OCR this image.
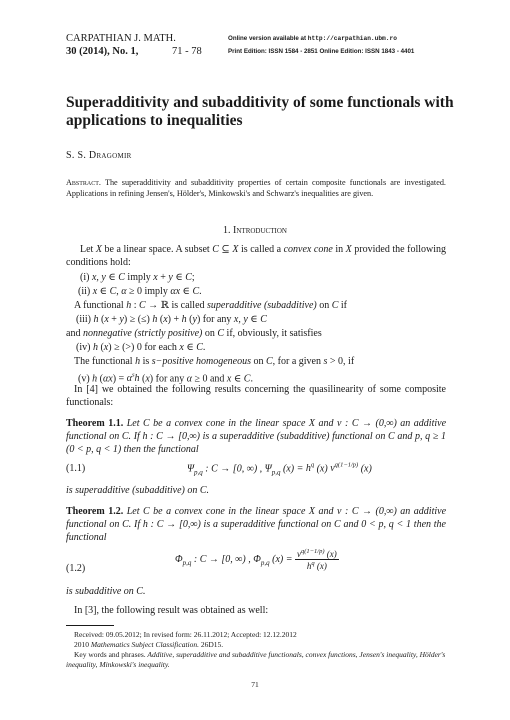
CARPATHIAN J. MATH.
30 (2014), No. 1,	71 - 78
Online version available at http://carpathian.ubm.ro
Print Edition: ISSN 1584 - 2851 Online Edition: ISSN 1843 - 4401
Superadditivity and subadditivity of some functionals with applications to inequalities
S. S. Dragomir
Abstract. The superadditivity and subadditivity properties of certain composite functionals are investigated. Applications in refining Jensen's, Hölder's, Minkowski's and Schwarz's inequalities are given.
1. Introduction
Let X be a linear space. A subset C ⊆ X is called a convex cone in X provided the following conditions hold:
(i) x, y ∈ C imply x + y ∈ C;
(ii) x ∈ C, α ≥ 0 imply αx ∈ C.
A functional h : C → ℝ is called superadditive (subadditive) on C if
(iii) h (x + y) ≥ (≤) h (x) + h (y) for any x, y ∈ C
and nonnegative (strictly positive) on C if, obviously, it satisfies
(iv) h (x) ≥ (>) 0 for each x ∈ C.
The functional h is s−positive homogeneous on C, for a given s > 0, if
(v) h $(\alpha x) = \alpha^sh$ (x) for any α ≥ 0 and x ∈ C.
In [4] we obtained the following results concerning the quasilinearity of some composite functionals:
Theorem 1.1. Let C be a convex cone in the linear space X and v : C → (0,∞) an additive functional on C. If h : C → [0,∞) is a superadditive (subadditive) functional on C and p, q ≥ 1 (0 < p, q < 1) then the functional
(1.1)	$\Psi_{p,q}$ : C → [0, ∞) , $\Psi_{p,q}$ $(x) = h^q$ (x) $v^{q(1-1/p)}$ (x)
is superadditive (subadditive) on C.
Theorem 1.2. Let C be a convex cone in the linear space X and v : C → (0,∞) an additive functional on C. If h : C → [0,∞) is a superadditive functional on C and 0 < p, q < 1 then the functional
(1.2)
$\Phi_{p,q}$ : C → [0, ∞) , $\Phi_{p,q}$ $(x) = \frac{v^{q(1-1/p)} (x)}{h^q (x)}$
is subadditive on C.
In [3], the following result was obtained as well:
Received: 09.05.2012; In revised form: 26.11.2012; Accepted: 12.12.2012
2010 Mathematics Subject Classification. 26D15.
Key words and phrases. Additive, superadditive and subadditive functionals, convex functions, Jensen's inequality, Hölder's inequality, Minkowski's inequality.
71
